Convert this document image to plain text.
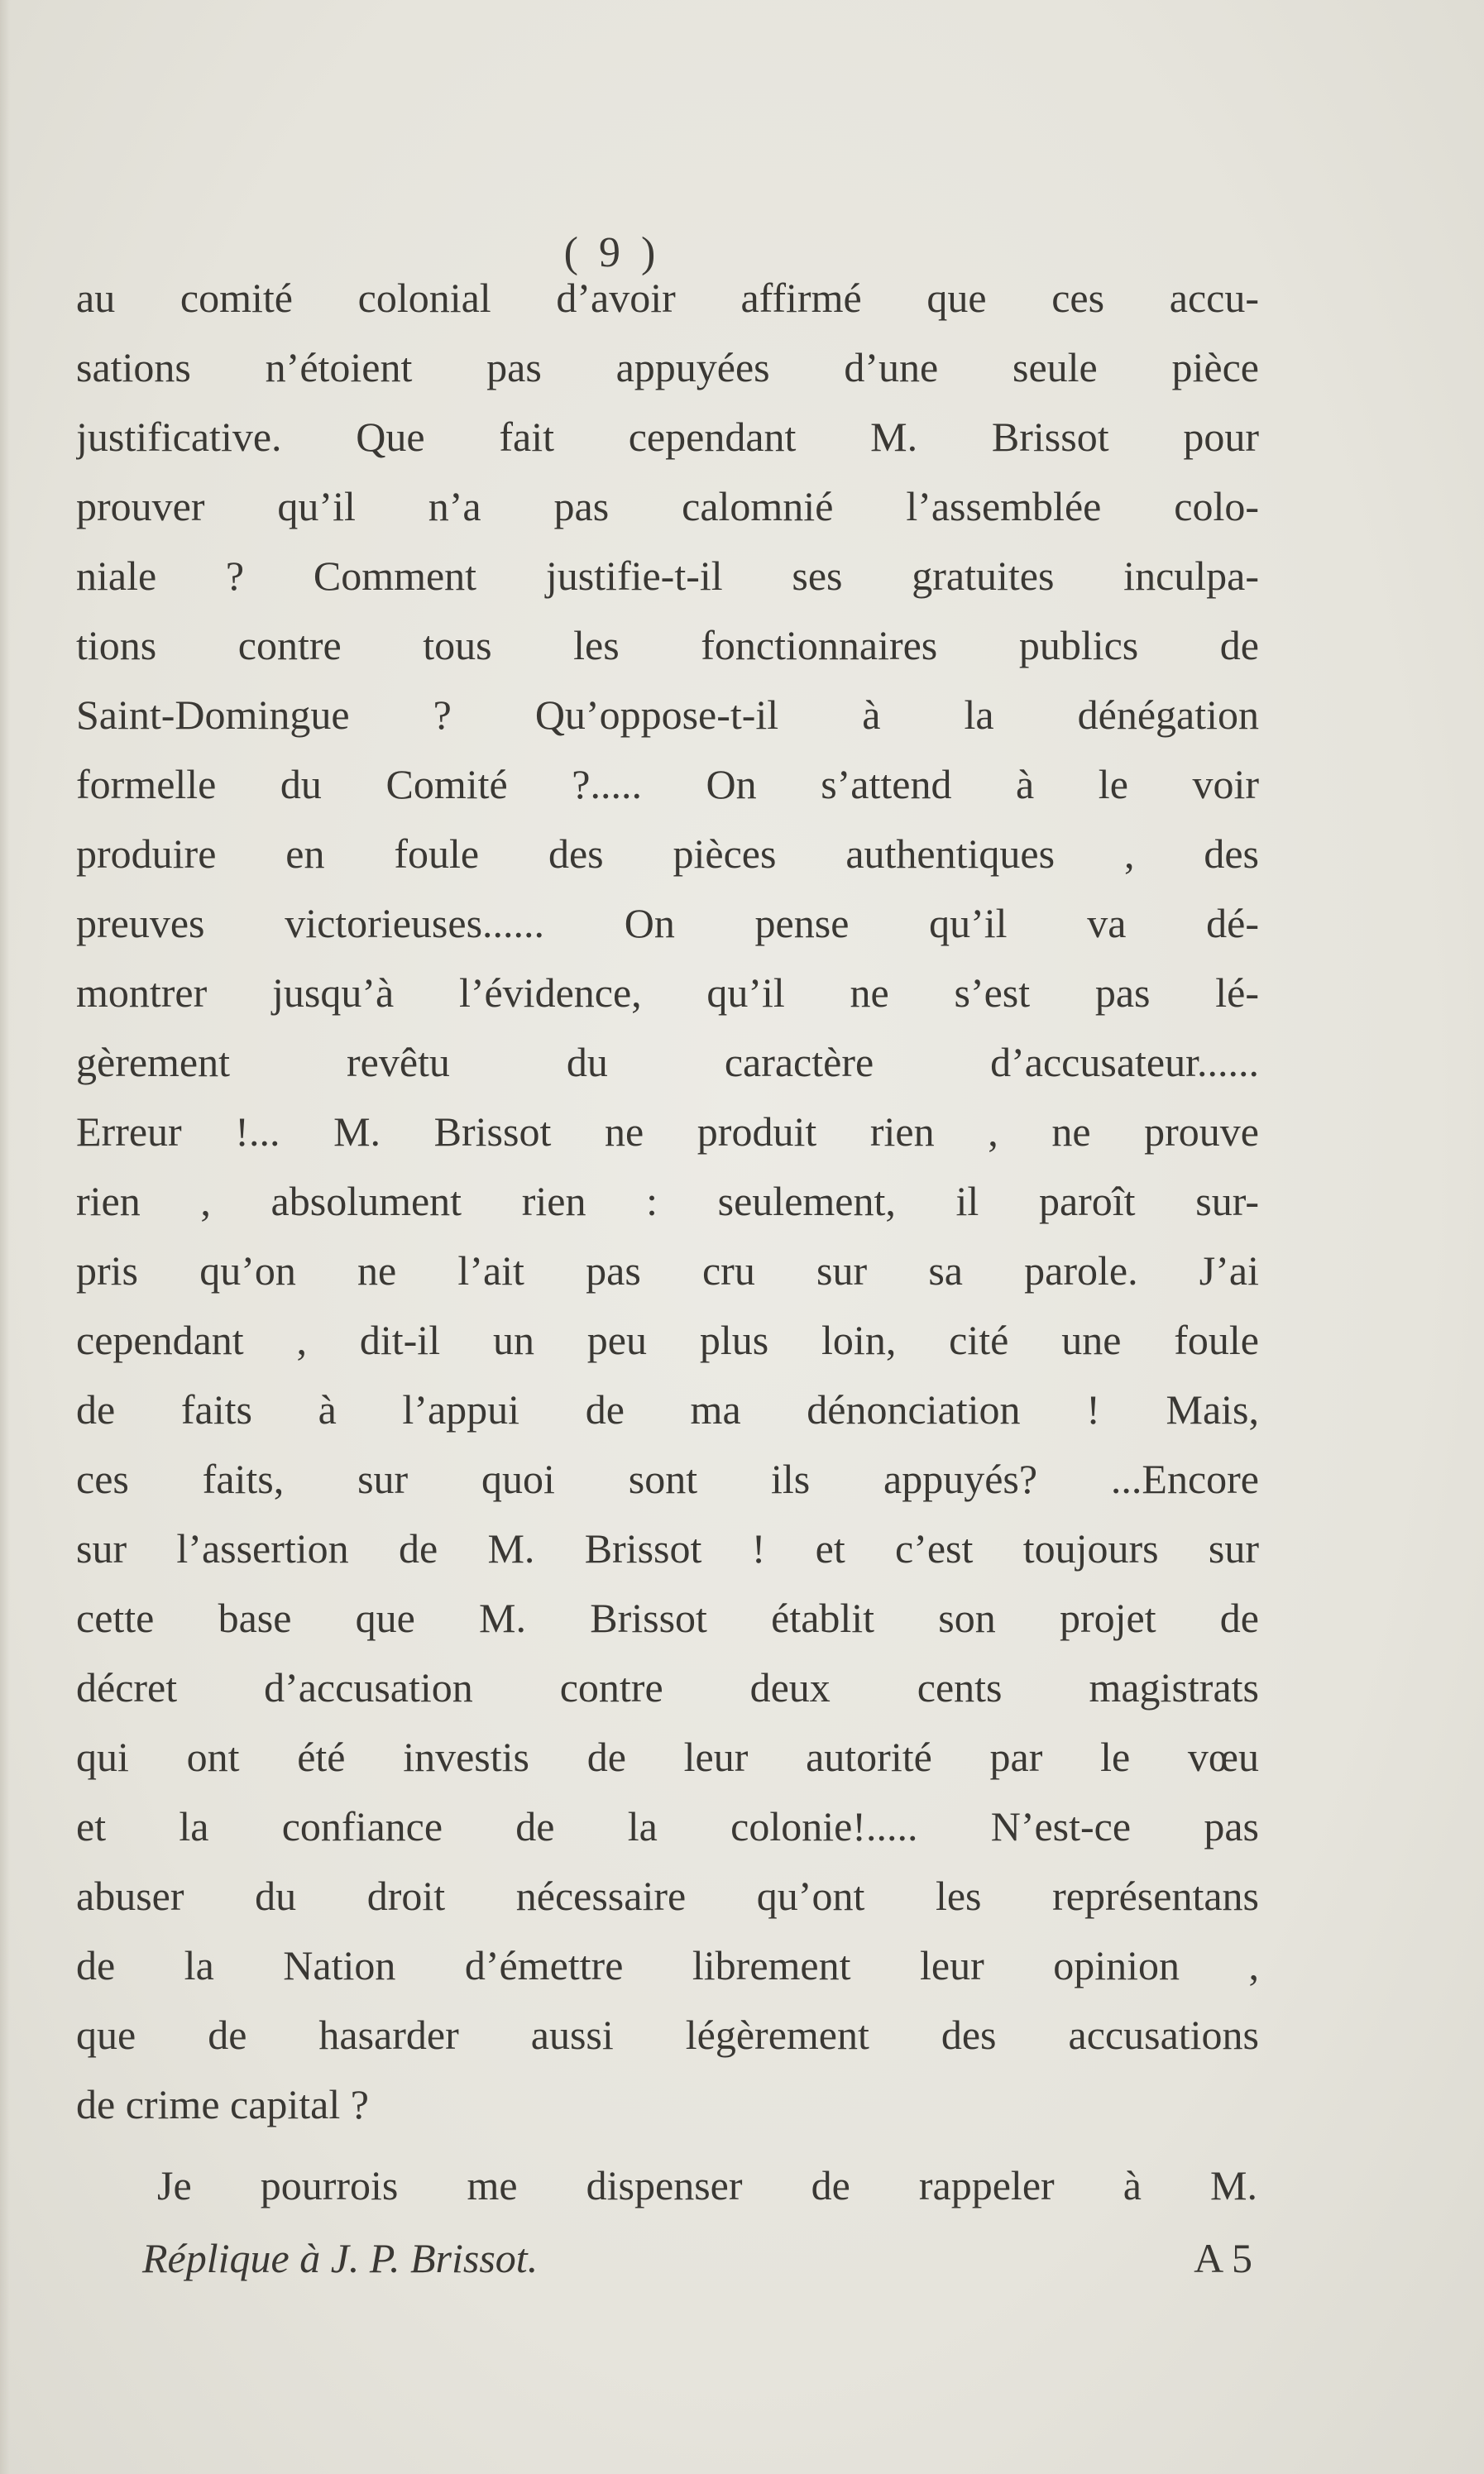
( 9 )
au comité colonial d’avoir affirmé que ces accu-
sations n’étoient pas appuyées d’une seule pièce
justificative. Que fait cependant M. Brissot pour
prouver qu’il n’a pas calomnié l’assemblée colo-
niale ? Comment justifie-t-il ses gratuites inculpa-
tions contre tous les fonctionnaires publics de
Saint-Domingue ? Qu’oppose-t-il à la dénégation
formelle du Comité ?..... On s’attend à le voir
produire en foule des pièces authentiques , des
preuves victorieuses...... On pense qu’il va dé-
montrer jusqu’à l’évidence, qu’il ne s’est pas lé-
gèrement revêtu du caractère d’accusateur......
Erreur !... M. Brissot ne produit rien , ne prouve
rien , absolument rien : seulement, il paroît sur-
pris qu’on ne l’ait pas cru sur sa parole. J’ai
cependant , dit-il un peu plus loin, cité une foule
de faits à l’appui de ma dénonciation ! Mais,
ces faits, sur quoi sont ils appuyés? ...Encore
sur l’assertion de M. Brissot ! et c’est toujours sur
cette base que M. Brissot établit son projet de
décret d’accusation contre deux cents magistrats
qui ont été investis de leur autorité par le vœu
et la confiance de la colonie!..... N’est-ce pas
abuser du droit nécessaire qu’ont les représentans
de la Nation d’émettre librement leur opinion ,
que de hasarder aussi légèrement des accusations
de crime capital ?
Je pourrois me dispenser de rappeler à M.
Réplique à J. P. Brissot.	A 5
